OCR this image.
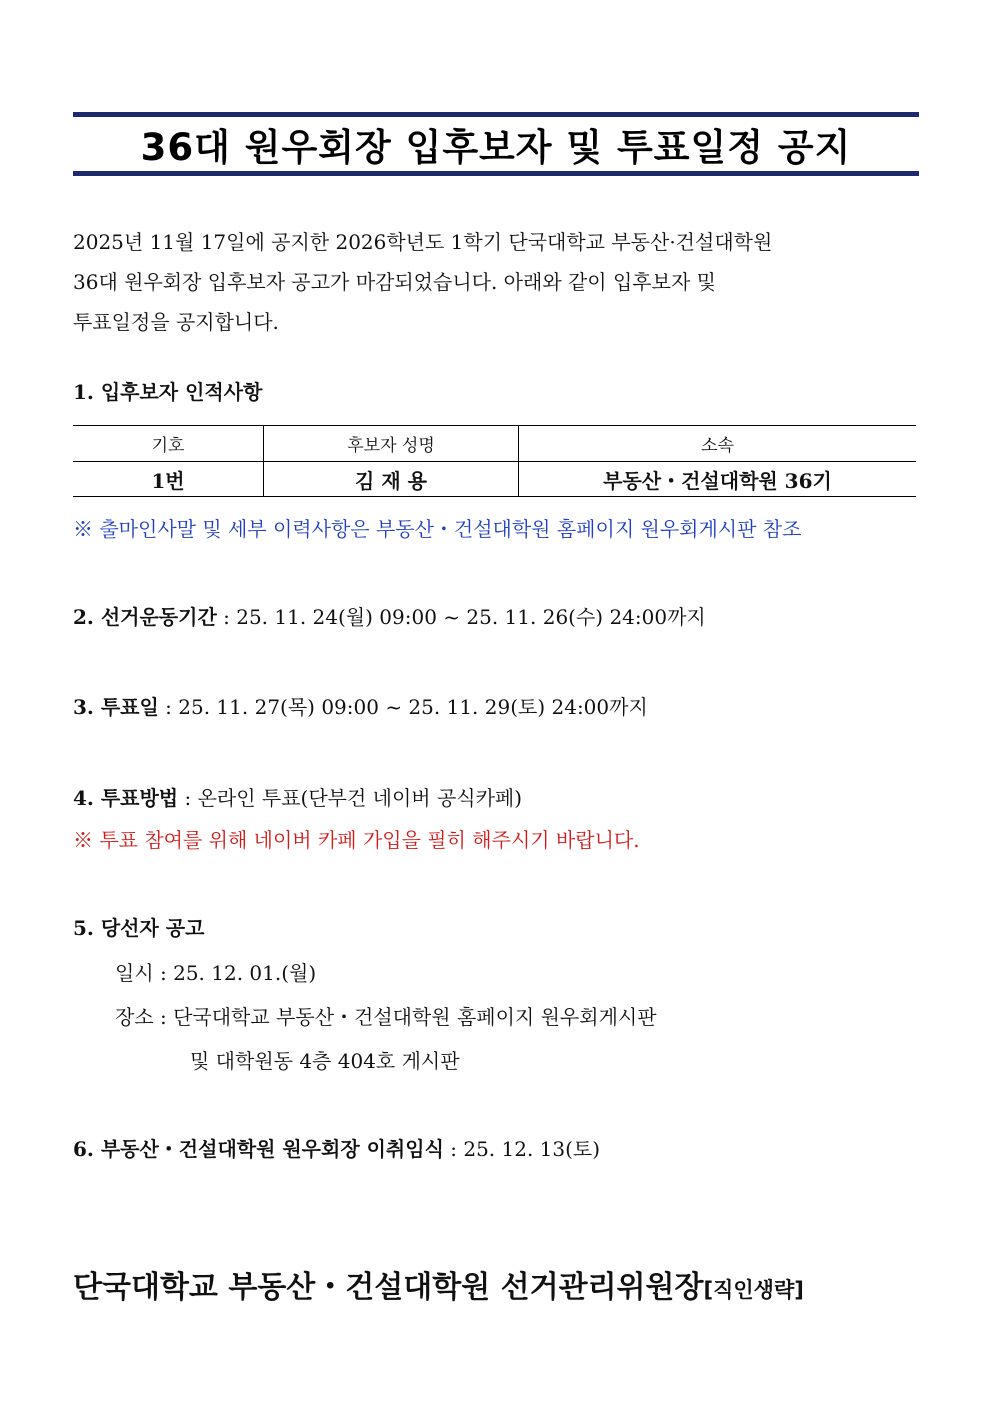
36대 원우회장 입후보자 및 투표일정 공지
2025년 11월 17일에 공지한 2026학년도 1학기 단국대학교 부동산·건설대학원
36대 원우회장 입후보자 공고가 마감되었습니다. 아래와 같이 입후보자 및
투표일정을 공지합니다.
1. 입후보자 인적사항
기호	후보자 성명	소속
1번	김 재 용	부동산・건설대학원 36기
※ 출마인사말 및 세부 이력사항은 부동산・건설대학원 홈페이지 원우회게시판 참조
2. 선거운동기간 : 25. 11. 24(월) 09:00 ~ 25. 11. 26(수) 24:00까지
3. 투표일 : 25. 11. 27(목) 09:00 ~ 25. 11. 29(토) 24:00까지
4. 투표방법 : 온라인 투표(단부건 네이버 공식카페)
※ 투표 참여를 위해 네이버 카페 가입을 필히 해주시기 바랍니다.
5. 당선자 공고
일시 : 25. 12. 01.(월)
장소 : 단국대학교 부동산・건설대학원 홈페이지 원우회게시판
및 대학원동 4층 404호 게시판
6. 부동산・건설대학원 원우회장 이취임식 : 25. 12. 13(토)
단국대학교 부동산・건설대학원 선거관리위원장[직인생략]
